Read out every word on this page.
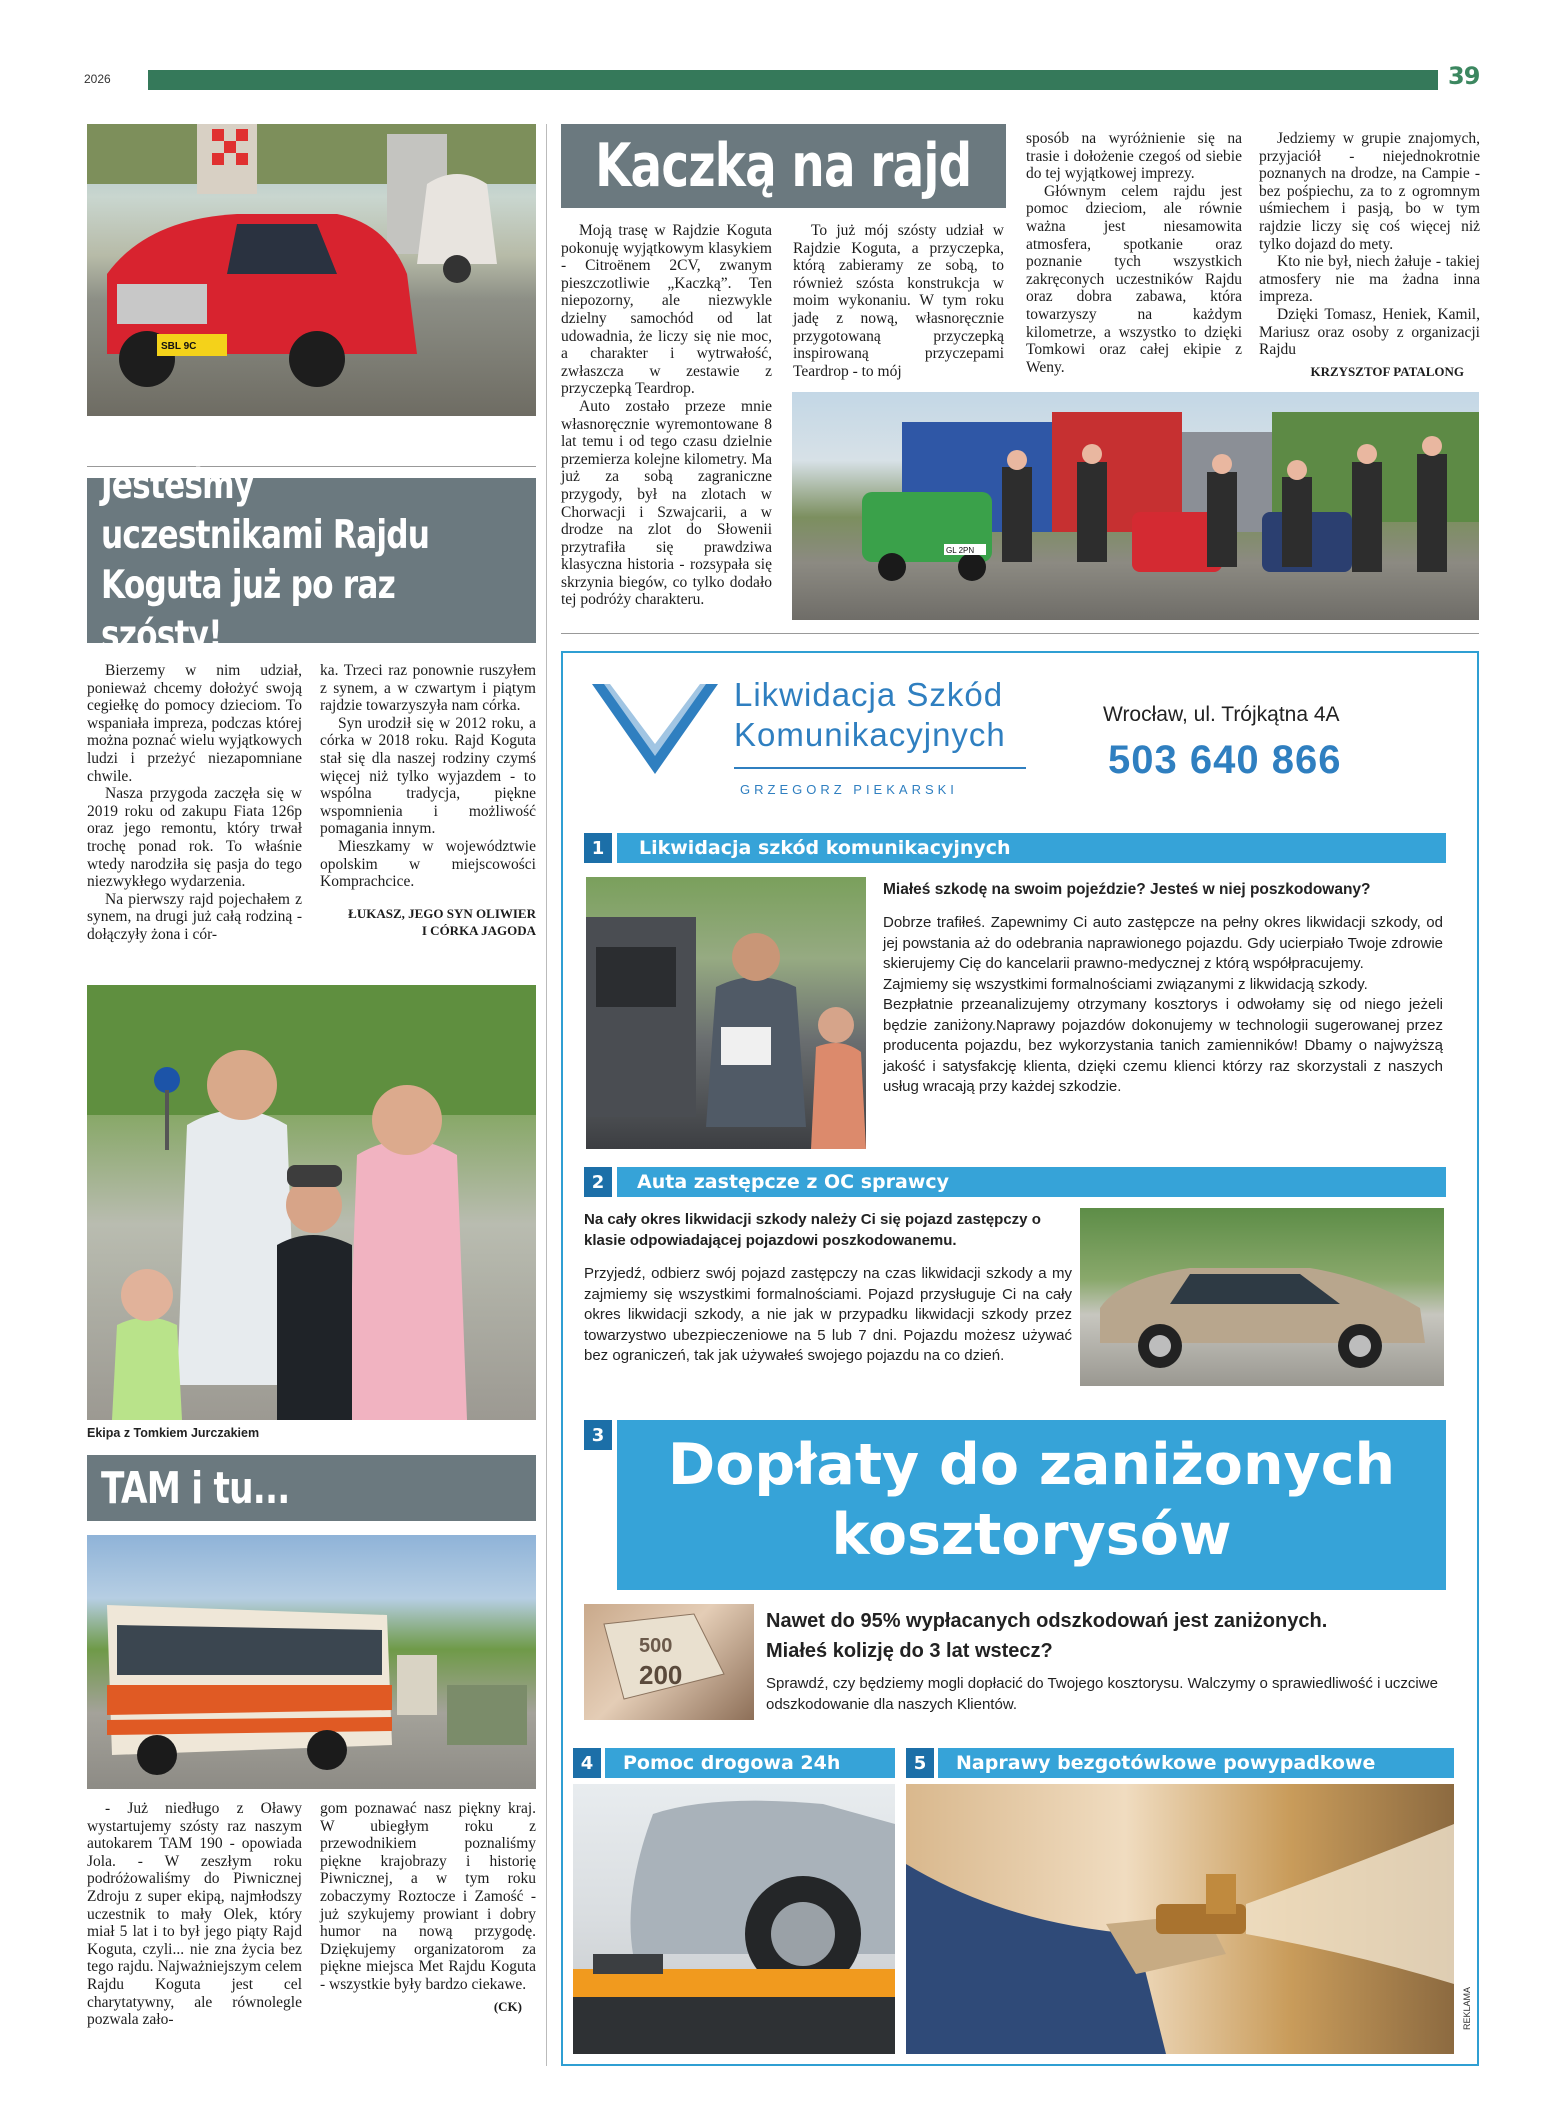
2026	39
SBL 9C
Kaczką na rajd

Moją trasę w Rajdzie Koguta pokonuję wyjątkowym klasykiem - Citroënem 2CV, zwanym pieszczotliwie „Kaczką”. Ten niepozorny, ale niezwykle dzielny samochód od lat udowadnia, że liczy się nie moc, a charakter i wytrwałość, zwłaszcza w zestawie z przyczepką Teardrop.

Auto zostało przeze mnie własnoręcznie wyremontowane 8 lat temu i od tego czasu dzielnie przemierza kolejne kilometry. Ma już za sobą zagraniczne przygody, był na zlotach w Chorwacji i Szwajcarii, a w drodze na zlot do Słowenii przytrafiła się prawdziwa klasyczna historia - rozsypała się skrzynia biegów, co tylko dodało tej podróży charakteru.

To już mój szósty udział w Rajdzie Koguta, a przyczepka, którą zabieramy ze sobą, to również szósta konstrukcja w moim wykonaniu. W tym roku jadę z nową, własnoręcznie przygotowaną przyczepką inspirowaną przyczepami Teardrop - to mój

sposób na wyróżnienie się na trasie i dołożenie czegoś od siebie do tej wyjątkowej imprezy.

Głównym celem rajdu jest pomoc dzieciom, ale równie ważna jest niesamowita atmosfera, spotkanie oraz poznanie tych wszystkich zakręconych uczestników Rajdu oraz dobra zabawa, która towarzyszy na każdym kilometrze, a wszystko to dzięki Tomkowi oraz całej ekipie z Weny.

Jedziemy w grupie znajomych, przyjaciół - niejednokrotnie poznanych na drodze, na Campie - bez pośpiechu, za to z ogromnym uśmiechem i pasją, bo w tym rajdzie liczy się coś więcej niż tylko dojazd do mety.

Kto nie był, niech żałuje - takiej atmosfery nie ma żadna inna impreza.

Dzięki Tomasz, Heniek, Kamil, Mariusz oraz osoby z organizacji Rajdu

KRZYSZTOF PATALONG
GL 2PN
Jesteśmy uczestnikami Rajdu Koguta już po raz szósty!

Bierzemy w nim udział, ponieważ chcemy dołożyć swoją cegiełkę do pomocy dzieciom. To wspaniała impreza, podczas której można poznać wielu wyjątkowych ludzi i przeżyć niezapomniane chwile.

Nasza przygoda zaczęła się w 2019 roku od zakupu Fiata 126p oraz jego remontu, który trwał trochę ponad rok. To właśnie wtedy narodziła się pasja do tego niezwykłego wydarzenia.

Na pierwszy rajd pojechałem z synem, na drugi już całą rodziną - dołączyły żona i cór-

ka. Trzeci raz ponownie ruszyłem z synem, a w czwartym i piątym rajdzie towarzyszyła nam córka.

Syn urodził się w 2012 roku, a córka w 2018 roku. Rajd Koguta stał się dla naszej rodziny czymś więcej niż tylko wyjazdem - to wspólna tradycja, piękne wspomnienia i możliwość pomagania innym.

Mieszkamy w województwie opolskim w miejscowości Komprachcice.

ŁUKASZ, JEGO SYN OLIWIER
I CÓRKA JAGODA
Ekipa z Tomkiem Jurczakiem
TAM i tu...

- Już niedługo z Oławy wystartujemy szósty raz naszym autokarem TAM 190 - opowiada Jola. - W zeszłym roku podróżowaliśmy do Piwnicznej Zdroju z super ekipą, najmłodszy uczestnik to mały Olek, który miał 5 lat i to był jego piąty Rajd Koguta, czyli... nie zna życia bez tego rajdu. Najważniejszym celem Rajdu Koguta jest cel charytatywny, ale równolegle pozwala zało-

gom poznawać nasz piękny kraj. W ubiegłym roku z przewodnikiem poznaliśmy piękne krajobrazy i historię Piwnicznej, a w tym roku zobaczymy Roztocze i Zamość - już szykujemy prowiant i dobry humor na nową przygodę. Dziękujemy organizatorom za piękne miejsca Met Rajdu Koguta - wszystkie były bardzo ciekawe.

(CK)
Likwidacja Szkód
Komunikacyjnych
GRZEGORZ PIEKARSKI
Wrocław, ul. Trójkątna 4A
503 640 866
1	Likwidacja szkód komunikacyjnych
Miałeś szkodę na swoim pojeździe? Jesteś w niej poszkodowany?
Dobrze trafiłeś. Zapewnimy Ci auto zastępcze na pełny okres likwidacji szkody, od jej powstania aż do odebrania naprawionego pojazdu. Gdy ucierpiało Twoje zdrowie skierujemy Cię do kancelarii prawno-medycznej z którą współpracujemy.
Zajmiemy się wszystkimi formalnościami związanymi z likwidacją szkody.
Bezpłatnie przeanalizujemy otrzymany kosztorys i odwołamy się od niego jeżeli będzie zaniżony.Naprawy pojazdów dokonujemy w technologii sugerowanej przez producenta pojazdu, bez wykorzystania tanich zamienników! Dbamy o najwyższą jakość i satysfakcję klienta, dzięki czemu klienci którzy raz skorzystali z naszych usług wracają przy każdej szkodzie.
2	Auta zastępcze z OC sprawcy
Na cały okres likwidacji szkody należy Ci się pojazd zastępczy o klasie odpowiadającej pojazdowi poszkodowanemu.
Przyjedź, odbierz swój pojazd zastępczy na czas likwidacji szkody a my zajmiemy się wszystkimi formalnościami. Pojazd przysługuje Ci na cały okres likwidacji szkody, a nie jak w przypadku likwidacji szkody przez towarzystwo ubezpieczeniowe na 5 lub 7 dni. Pojazdu możesz używać bez ograniczeń, tak jak używałeś swojego pojazdu na co dzień.
3	Dopłaty do zaniżonych
kosztorysów
500
200
Nawet do 95% wypłacanych odszkodowań jest zaniżonych.
Miałeś kolizję do 3 lat wstecz?
Sprawdź, czy będziemy mogli dopłacić do Twojego kosztorysu. Walczymy o sprawiedliwość i uczciwe odszkodowanie dla naszych Klientów.
4	Pomoc drogowa 24h	5	Naprawy bezgotówkowe powypadkowe
REKLAMA
